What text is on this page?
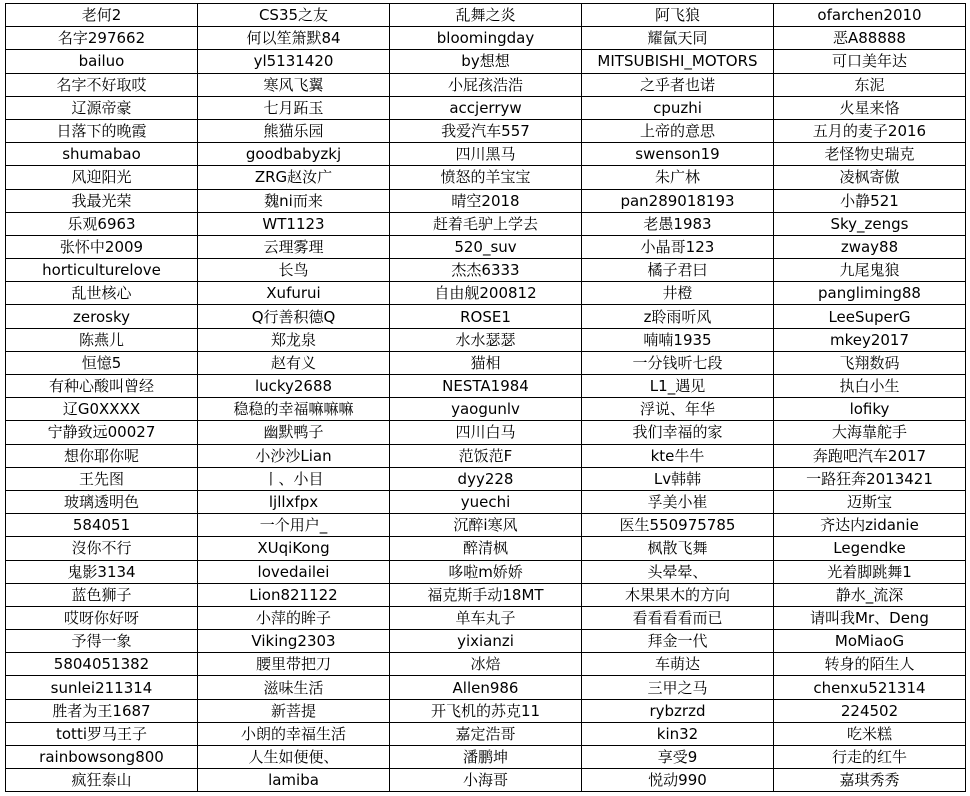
老何2	CS35之友	乱舞之炎	阿飞狼	ofarchen2010
名字297662	何以笙箫默84	bloomingday	耀氤天同	恶A88888
bailuo	yl5131420	by想想	MITSUBISHI_MOTORS	可口美年达
名字不好取哎	寒风飞翼	小屁孩浩浩	之乎者也诺	东泥
辽源帝豪	七月跖玉	accjerryw	cpuzhi	火星来恪
日落下的晚霞	熊猫乐园	我爱汽车557	上帝的意思	五月的麦子2016
shumabao	goodbabyzkj	四川黑马	swenson19	老怪物史瑞克
风迎阳光	ZRG赵汝广	愤怒的羊宝宝	朱广林	凌枫寄傲
我最光荣	魏ni而来	晴空2018	pan289018193	小静521
乐观6963	WT1123	赶着毛驴上学去	老愚1983	Sky_zengs
张怀中2009	云理雾理	520_suv	小晶哥123	zway88
horticulturelove	长鸟	杰杰6333	橘子君曰	九尾鬼狼
乱世核心	Xufurui	自由舰200812	井橙	pangliming88
zerosky	Q行善积德Q	ROSE1	z聆雨听风	LeeSuperG
陈燕儿	郑龙泉	水水瑟瑟	喃喃1935	mkey2017
恒憶5	赵有义	猫相	一分钱听七段	飞翔数码
有种心酸叫曾经	lucky2688	NESTA1984	L1_遇见	执白小生
辽G0XXXX	稳稳的幸福嘛嘛嘛	yaogunlv	浮说、年华	lofiky
宁静致远00027	幽默鸭子	四川白马	我们幸福的家	大海靠舵手
想你耶你呢	小沙沙Lian	范饭范F	kte牛牛	奔跑吧汽车2017
王先图	丨、小目	dyy228	Lv韩韩	一路狂奔2013421
玻璃透明色	ljllxfpx	yuechi	孚美小崔	迈斯宝
584051	一个用户_	沉醉i寒风	医生550975785	齐达内zidanie
沒你不行	XUqiKong	醉清枫	枫散飞舞	Legendke
鬼影3134	lovedailei	哆啦m娇娇	头晕晕、	光着脚跳舞1
蓝色狮子	Lion821122	福克斯手动18MT	木果果木的方向	静水_流深
哎呀你好呀	小萍的眸子	单车丸子	看看看看而已	请叫我Mr、Deng
予得一象	Viking2303	yixianzi	拜金一代	MoMiaoG
5804051382	腰里带把刀	冰焙	车萌达	转身的陌生人
sunlei211314	滋味生活	Allen986	三甲之马	chenxu521314
胜者为王1687	新菩提	开飞机的苏克11	rybzrzd	224502
totti罗马王子	小朗的幸福生活	嘉定浩哥	kin32	吃米糕
rainbowsong800	人生如便便、	潘鹏坤	享受9	行走的红牛
疯狂泰山	lamiba	小海哥	悦动990	嘉琪秀秀
